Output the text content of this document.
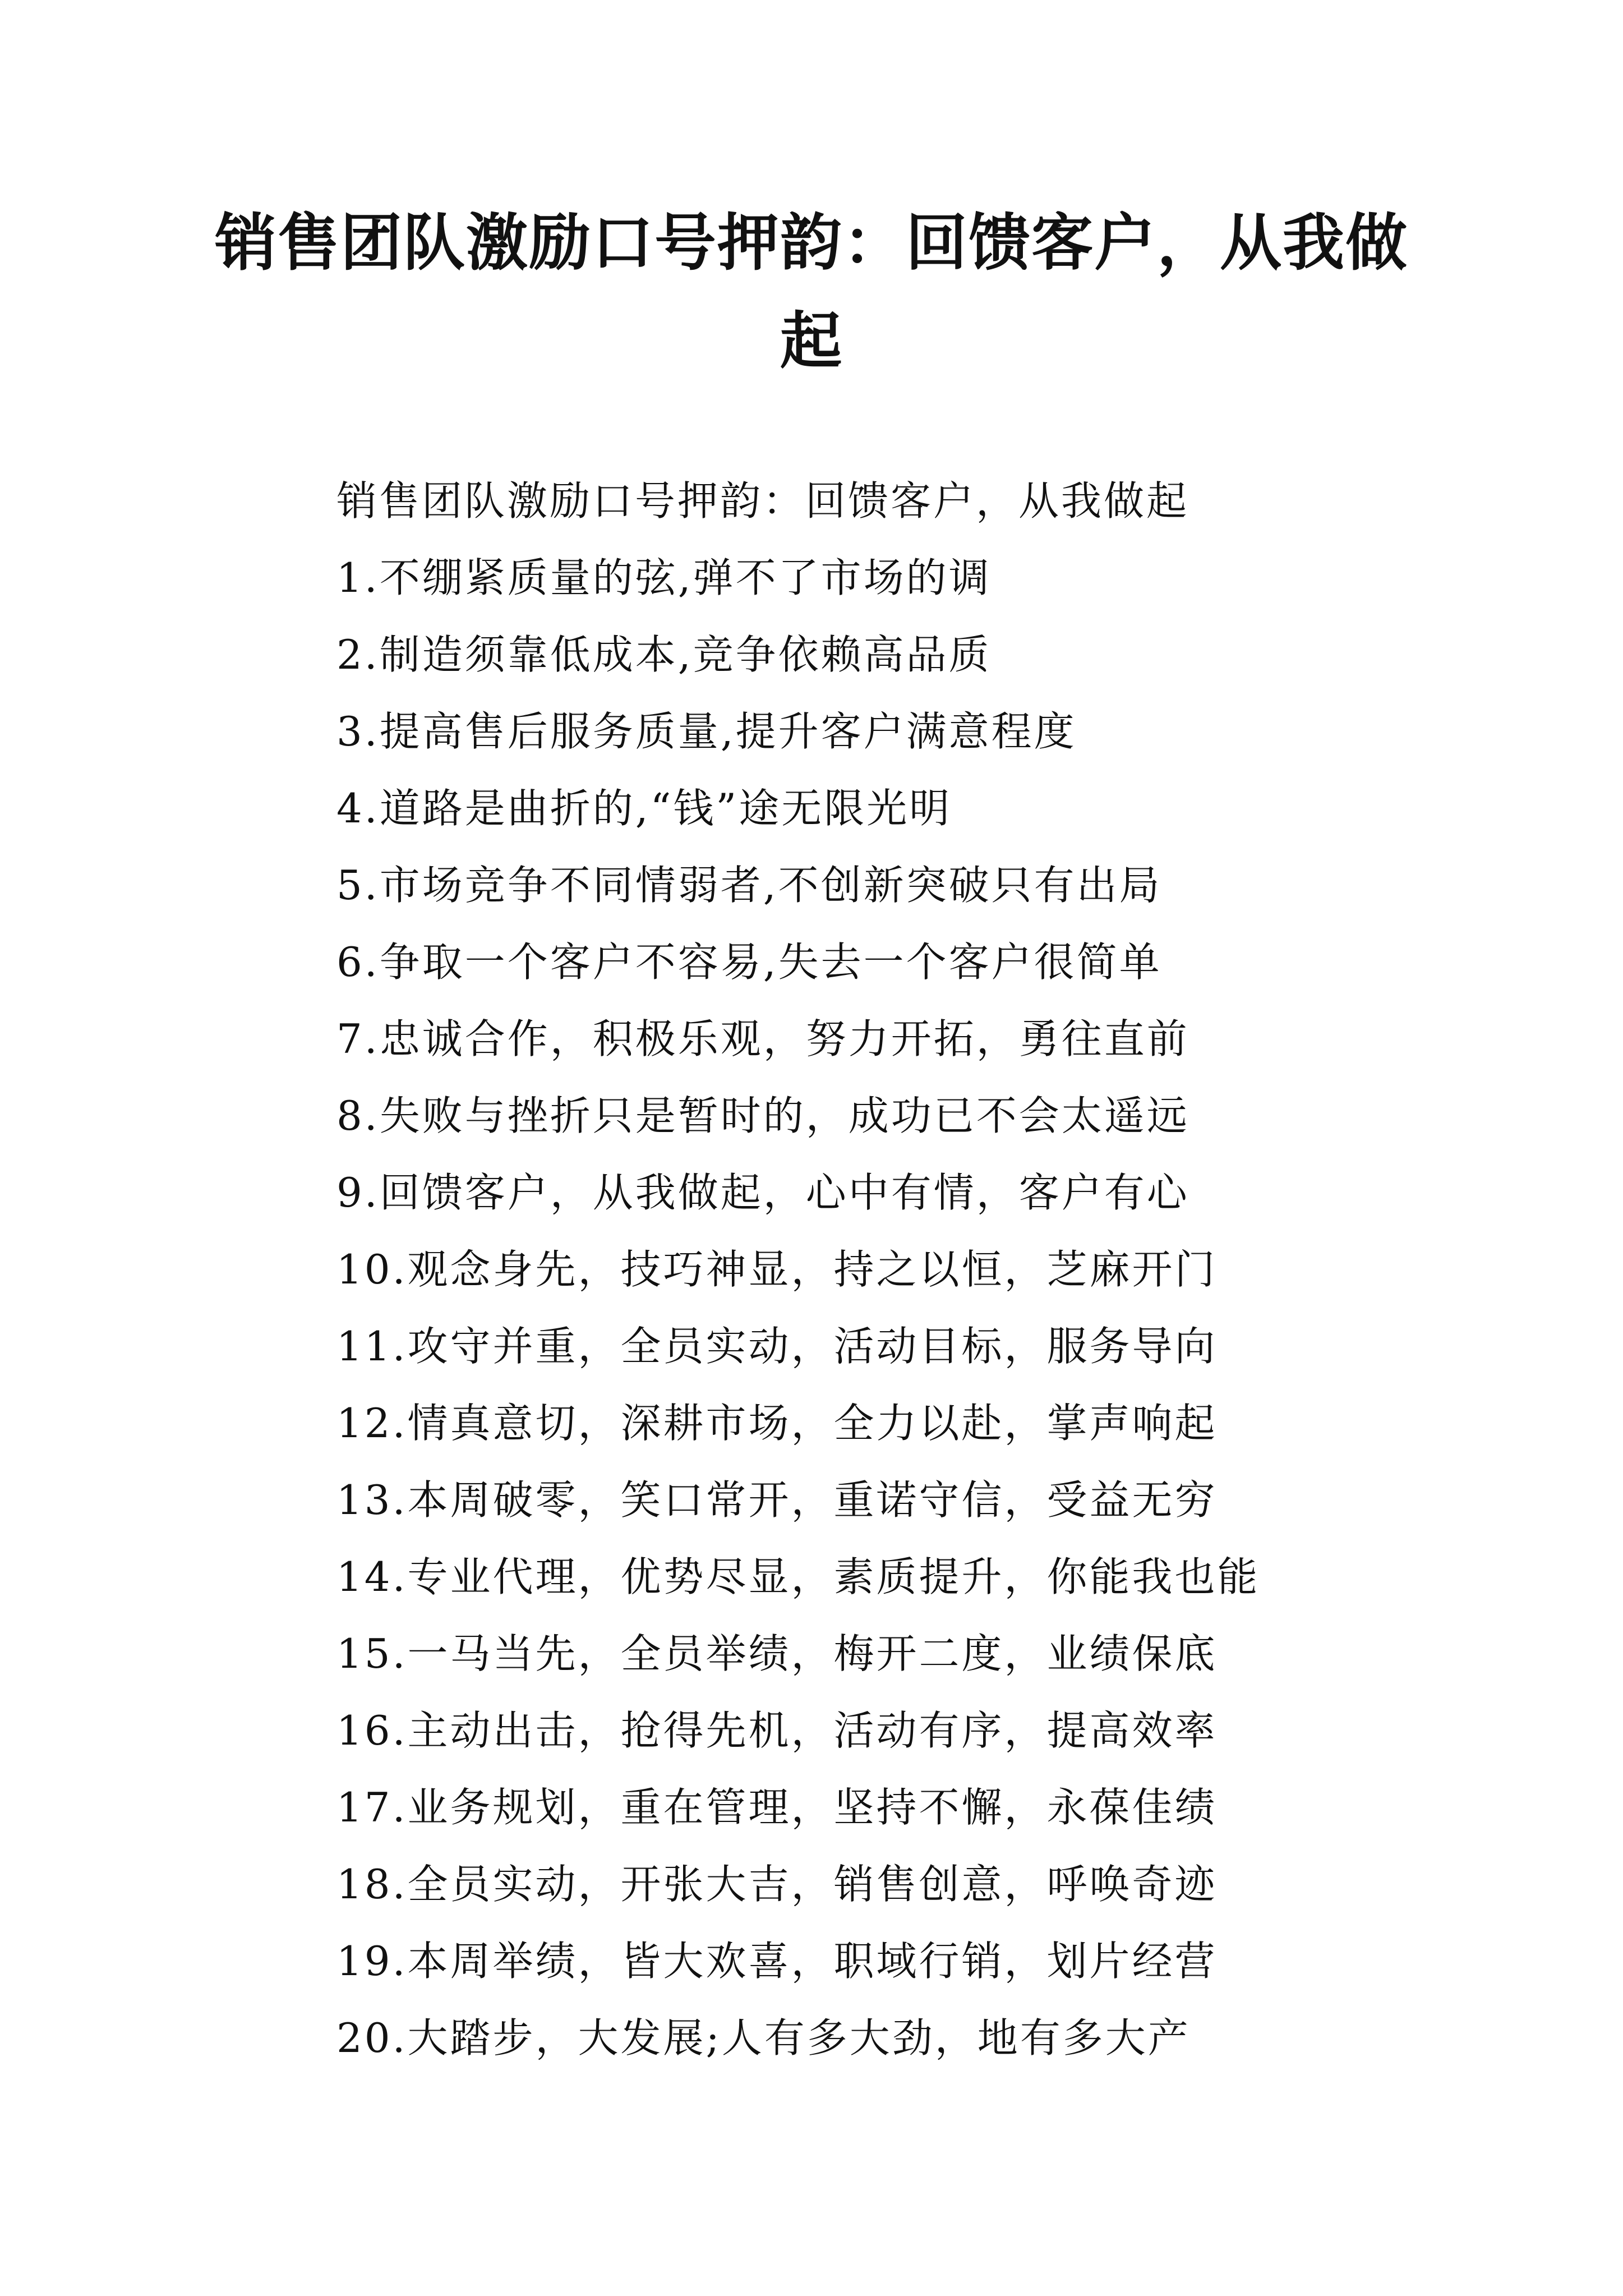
销售团队激励口号押韵：回馈客户，从我做起
销售团队激励口号押韵：回馈客户，从我做起
1.不绷紧质量的弦,弹不了市场的调
2.制造须靠低成本,竞争依赖高品质
3.提高售后服务质量,提升客户满意程度
4.道路是曲折的,“钱”途无限光明
5.市场竞争不同情弱者,不创新突破只有出局
6.争取一个客户不容易,失去一个客户很简单
7.忠诚合作，积极乐观，努力开拓，勇往直前
8.失败与挫折只是暂时的，成功已不会太遥远
9.回馈客户，从我做起，心中有情，客户有心
10.观念身先，技巧神显，持之以恒，芝麻开门
11.攻守并重，全员实动，活动目标，服务导向
12.情真意切，深耕市场，全力以赴，掌声响起
13.本周破零，笑口常开，重诺守信，受益无穷
14.专业代理，优势尽显，素质提升，你能我也能
15.一马当先，全员举绩，梅开二度，业绩保底
16.主动出击，抢得先机，活动有序，提高效率
17.业务规划，重在管理，坚持不懈，永葆佳绩
18.全员实动，开张大吉，销售创意，呼唤奇迹
19.本周举绩，皆大欢喜，职域行销，划片经营
20.大踏步，大发展;人有多大劲，地有多大产
